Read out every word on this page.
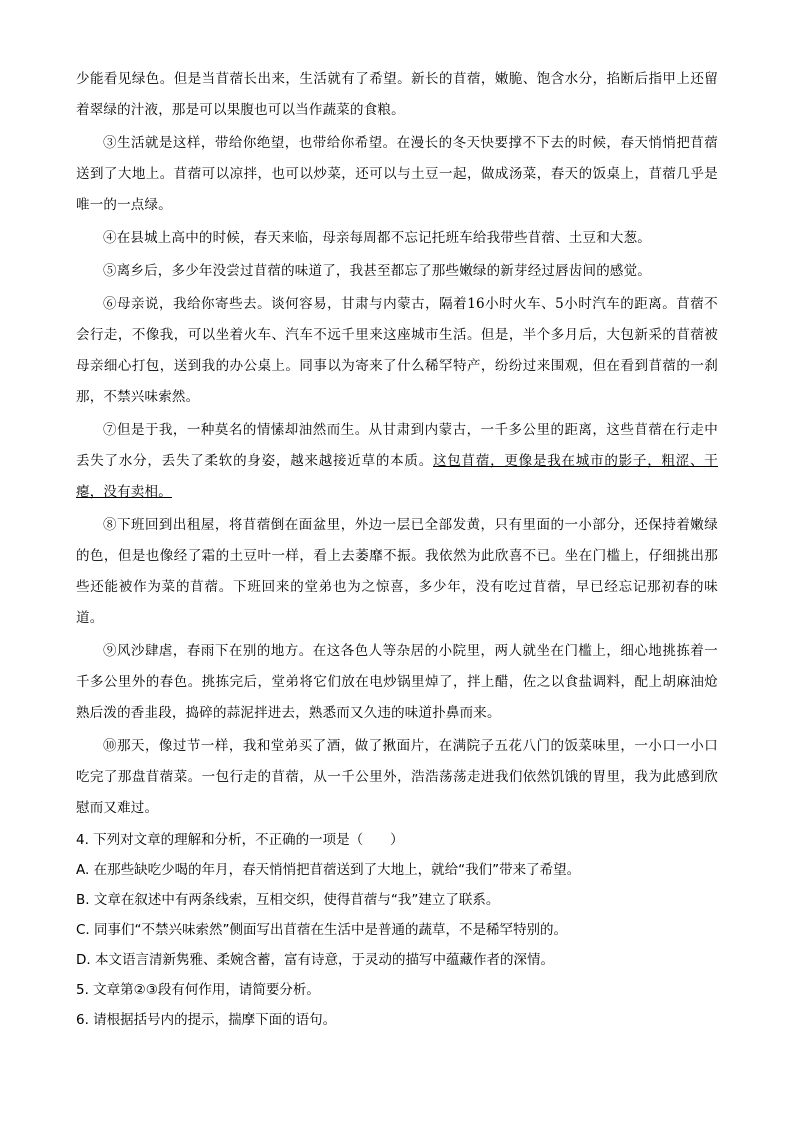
少能看见绿色。但是当苜蓿长出来，生活就有了希望。新长的苜蓿，嫩脆、饱含水分，掐断后指甲上还留着翠绿的汁液，那是可以果腹也可以当作蔬菜的食粮。

③生活就是这样，带给你绝望，也带给你希望。在漫长的冬天快要撑不下去的时候，春天悄悄把苜蓿送到了大地上。苜蓿可以凉拌，也可以炒菜，还可以与土豆一起，做成汤菜，春天的饭桌上，苜蓿几乎是唯一的一点绿。

④在县城上高中的时候，春天来临，母亲每周都不忘记托班车给我带些苜蓿、土豆和大葱。

⑤离乡后，多少年没尝过苜蓿的味道了，我甚至都忘了那些嫩绿的新芽经过唇齿间的感觉。

⑥母亲说，我给你寄些去。谈何容易，甘肃与内蒙古，隔着16小时火车、5小时汽车的距离。苜蓿不会行走，不像我，可以坐着火车、汽车不远千里来这座城市生活。但是，半个多月后，大包新采的苜蓿被母亲细心打包，送到我的办公桌上。同事以为寄来了什么稀罕特产，纷纷过来围观，但在看到苜蓿的一刹那，不禁兴味索然。

⑦但是于我，一种莫名的情愫却油然而生。从甘肃到内蒙古，一千多公里的距离，这些苜蓿在行走中丢失了水分，丢失了柔软的身姿，越来越接近草的本质。这包苜蓿，更像是我在城市的影子，粗涩、干瘪，没有卖相。

⑧下班回到出租屋，将苜蓿倒在面盆里，外边一层已全部发黄，只有里面的一小部分，还保持着嫩绿的色，但是也像经了霜的土豆叶一样，看上去萎靡不振。我依然为此欣喜不已。坐在门槛上，仔细挑出那些还能被作为菜的苜蓿。下班回来的堂弟也为之惊喜，多少年，没有吃过苜蓿，早已经忘记那初春的味道。

⑨风沙肆虐，春雨下在别的地方。在这各色人等杂居的小院里，两人就坐在门槛上，细心地挑拣着一千多公里外的春色。挑拣完后，堂弟将它们放在电炒锅里焯了，拌上醋，佐之以食盐调料，配上胡麻油炝熟后泼的香韭段，捣碎的蒜泥拌进去，熟悉而又久违的味道扑鼻而来。

⑩那天，像过节一样，我和堂弟买了酒，做了揪面片，在满院子五花八门的饭菜味里，一小口一小口吃完了那盘苜蓿菜。一包行走的苜蓿，从一千公里外，浩浩荡荡走进我们依然饥饿的胃里，我为此感到欣慰而又难过。

4. 下列对文章的理解和分析，不正确的一项是（　　）

A. 在那些缺吃少喝的年月，春天悄悄把苜蓿送到了大地上，就给“我们”带来了希望。

B. 文章在叙述中有两条线索，互相交织，使得苜蓿与“我”建立了联系。

C. 同事们“不禁兴味索然”侧面写出苜蓿在生活中是普通的蔬草，不是稀罕特别的。

D. 本文语言清新隽雅、柔婉含蓄，富有诗意，于灵动的描写中蕴藏作者的深情。

5. 文章第②③段有何作用，请简要分析。

6. 请根据括号内的提示，揣摩下面的语句。
